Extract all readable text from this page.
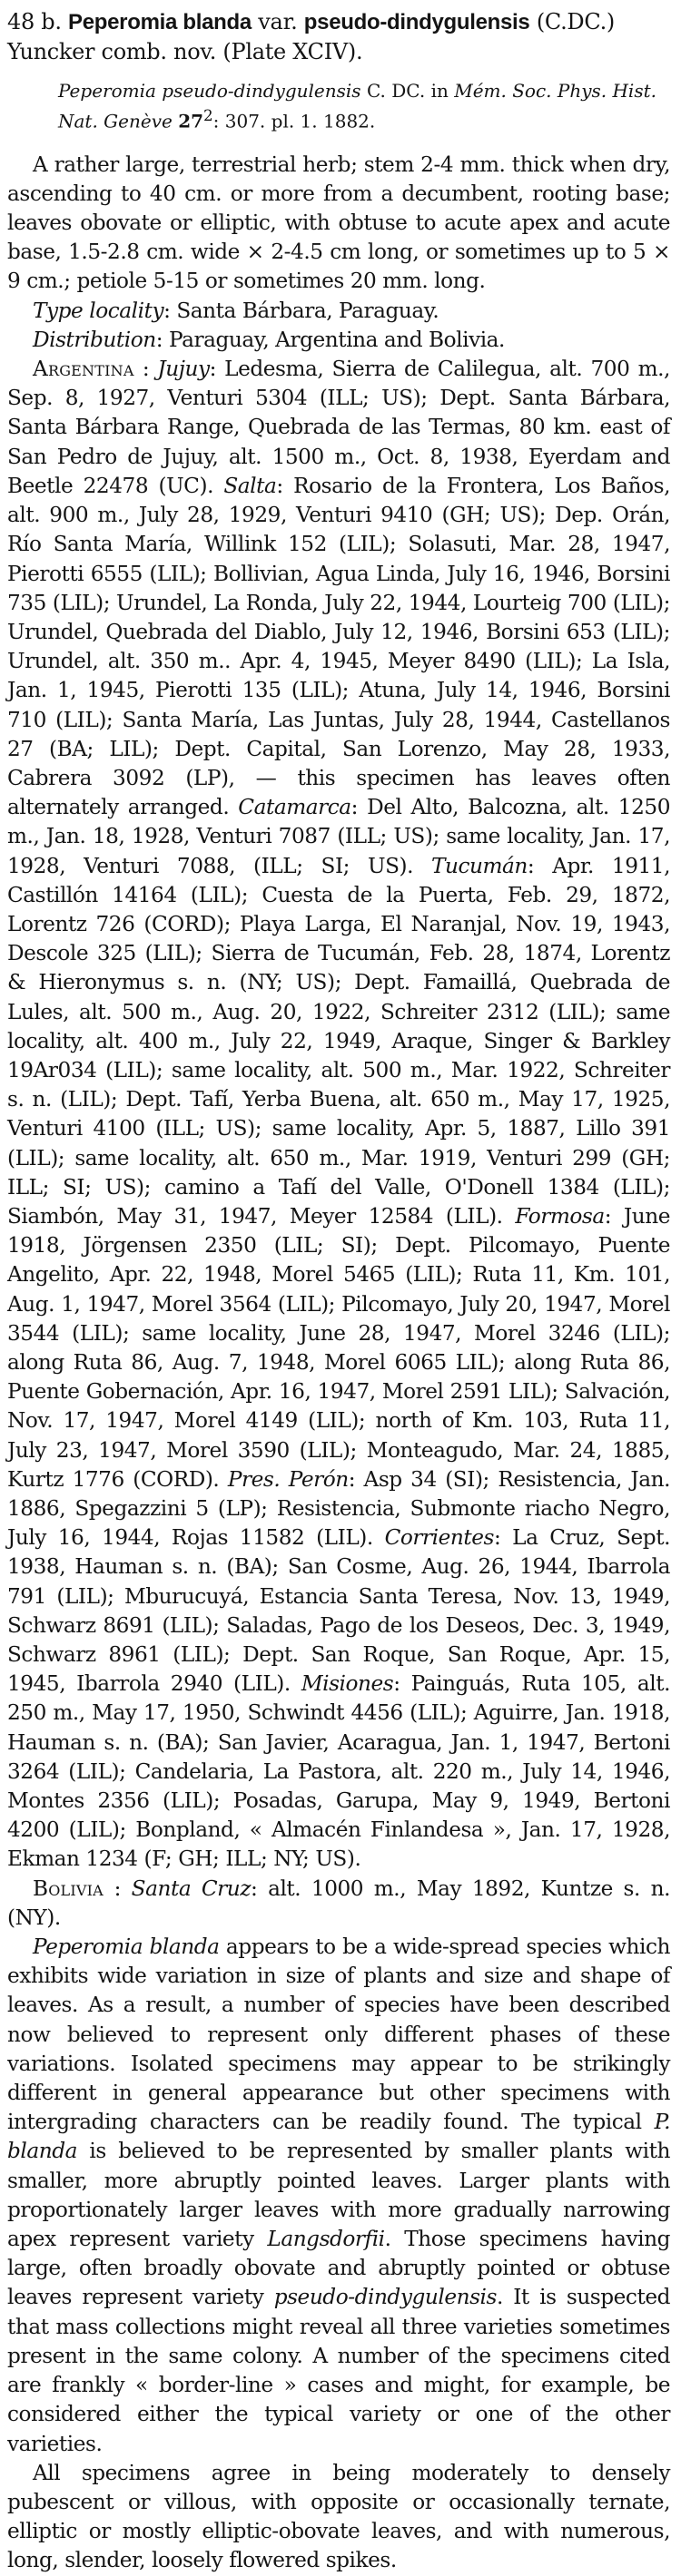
48 b. Peperomia blanda var. pseudo-dindygulensis (C.DC.) Yuncker comb. nov. (Plate XCIV).

Peperomia pseudo-dindygulensis C. DC. in Mém. Soc. Phys. Hist. Nat. Genève $27^2$: 307. pl. 1. 1882.

A rather large, terrestrial herb; stem 2-4 mm. thick when dry, ascending to 40 cm. or more from a decumbent, rooting base; leaves obovate or elliptic, with obtuse to acute apex and acute base, 1.5-2.8 cm. wide × 2-4.5 cm long, or sometimes up to 5 × 9 cm.; petiole 5-15 or sometimes 20 mm. long.

Type locality: Santa Bárbara, Paraguay.

Distribution: Paraguay, Argentina and Bolivia.

Argentina : Jujuy: Ledesma, Sierra de Calilegua, alt. 700 m., Sep. 8, 1927, Venturi 5304 (ILL; US); Dept. Santa Bárbara, Santa Bárbara Range, Quebrada de las Termas, 80 km. east of San Pedro de Jujuy, alt. 1500 m., Oct. 8, 1938, Eyerdam and Beetle 22478 (UC). Salta: Rosario de la Frontera, Los Baños, alt. 900 m., July 28, 1929, Venturi 9410 (GH; US); Dep. Orán, Río Santa María, Willink 152 (LIL); Solasuti, Mar. 28, 1947, Pierotti 6555 (LIL); Bollivian, Agua Linda, July 16, 1946, Borsini 735 (LIL); Urundel, La Ronda, July 22, 1944, Lourteig 700 (LIL); Urundel, Quebrada del Diablo, July 12, 1946, Borsini 653 (LIL); Urundel, alt. 350 m.. Apr. 4, 1945, Meyer 8490 (LIL); La Isla, Jan. 1, 1945, Pierotti 135 (LIL); Atuna, July 14, 1946, Borsini 710 (LIL); Santa María, Las Juntas, July 28, 1944, Castellanos 27 (BA; LIL); Dept. Capital, San Lorenzo, May 28, 1933, Cabrera 3092 (LP), — this specimen has leaves often alternately arranged. Catamarca: Del Alto, Balcozna, alt. 1250 m., Jan. 18, 1928, Venturi 7087 (ILL; US); same locality, Jan. 17, 1928, Venturi 7088, (ILL; SI; US). Tucumán: Apr. 1911, Castillón 14164 (LIL); Cuesta de la Puerta, Feb. 29, 1872, Lorentz 726 (CORD); Playa Larga, El Naranjal, Nov. 19, 1943, Descole 325 (LIL); Sierra de Tucumán, Feb. 28, 1874, Lorentz & Hieronymus s. n. (NY; US); Dept. Famaillá, Quebrada de Lules, alt. 500 m., Aug. 20, 1922, Schreiter 2312 (LIL); same locality, alt. 400 m., July 22, 1949, Araque, Singer & Barkley 19Ar034 (LIL); same locality, alt. 500 m., Mar. 1922, Schreiter s. n. (LIL); Dept. Tafí, Yerba Buena, alt. 650 m., May 17, 1925, Venturi 4100 (ILL; US); same locality, Apr. 5, 1887, Lillo 391 (LIL); same locality, alt. 650 m., Mar. 1919, Venturi 299 (GH; ILL; SI; US); camino a Tafí del Valle, O'Donell 1384 (LIL); Siambón, May 31, 1947, Meyer 12584 (LIL). Formosa: June 1918, Jörgensen 2350 (LIL; SI); Dept. Pilcomayo, Puente Angelito, Apr. 22, 1948, Morel 5465 (LIL); Ruta 11, Km. 101, Aug. 1, 1947, Morel 3564 (LIL); Pilcomayo, July 20, 1947, Morel 3544 (LIL); same locality, June 28, 1947, Morel 3246 (LIL); along Ruta 86, Aug. 7, 1948, Morel 6065 LIL); along Ruta 86, Puente Gobernación, Apr. 16, 1947, Morel 2591 LIL); Salvación, Nov. 17, 1947, Morel 4149 (LIL); north of Km. 103, Ruta 11, July 23, 1947, Morel 3590 (LIL); Monteagudo, Mar. 24, 1885, Kurtz 1776 (CORD). Pres. Perón: Asp 34 (SI); Resistencia, Jan. 1886, Spegazzini 5 (LP); Resistencia, Submonte riacho Negro, July 16, 1944, Rojas 11582 (LIL). Corrientes: La Cruz, Sept. 1938, Hauman s. n. (BA); San Cosme, Aug. 26, 1944, Ibarrola 791 (LIL); Mburucuyá, Estancia Santa Teresa, Nov. 13, 1949, Schwarz 8691 (LIL); Saladas, Pago de los Deseos, Dec. 3, 1949, Schwarz 8961 (LIL); Dept. San Roque, San Roque, Apr. 15, 1945, Ibarrola 2940 (LIL). Misiones: Painguás, Ruta 105, alt. 250 m., May 17, 1950, Schwindt 4456 (LIL); Aguirre, Jan. 1918, Hauman s. n. (BA); San Javier, Acaragua, Jan. 1, 1947, Bertoni 3264 (LIL); Candelaria, La Pastora, alt. 220 m., July 14, 1946, Montes 2356 (LIL); Posadas, Garupa, May 9, 1949, Bertoni 4200 (LIL); Bonpland, « Almacén Finlandesa », Jan. 17, 1928, Ekman 1234 (F; GH; ILL; NY; US).

Bolivia : Santa Cruz: alt. 1000 m., May 1892, Kuntze s. n. (NY).

Peperomia blanda appears to be a wide-spread species which exhibits wide variation in size of plants and size and shape of leaves. As a result, a number of species have been described now believed to represent only different phases of these variations. Isolated specimens may appear to be strikingly different in general appearance but other specimens with intergrading characters can be readily found. The typical P. blanda is believed to be represented by smaller plants with smaller, more abruptly pointed leaves. Larger plants with proportionately larger leaves with more gradually narrowing apex represent variety Langsdorfii. Those specimens having large, often broadly obovate and abruptly pointed or obtuse leaves represent variety pseudo-dindygulensis. It is suspected that mass collections might reveal all three varieties sometimes present in the same colony. A number of the specimens cited are frankly « border-line » cases and might, for example, be considered either the typical variety or one of the other varieties.

All specimens agree in being moderately to densely pubescent or villous, with opposite or occasionally ternate, elliptic or mostly elliptic-obovate leaves, and with numerous, long, slender, loosely flowered spikes.
